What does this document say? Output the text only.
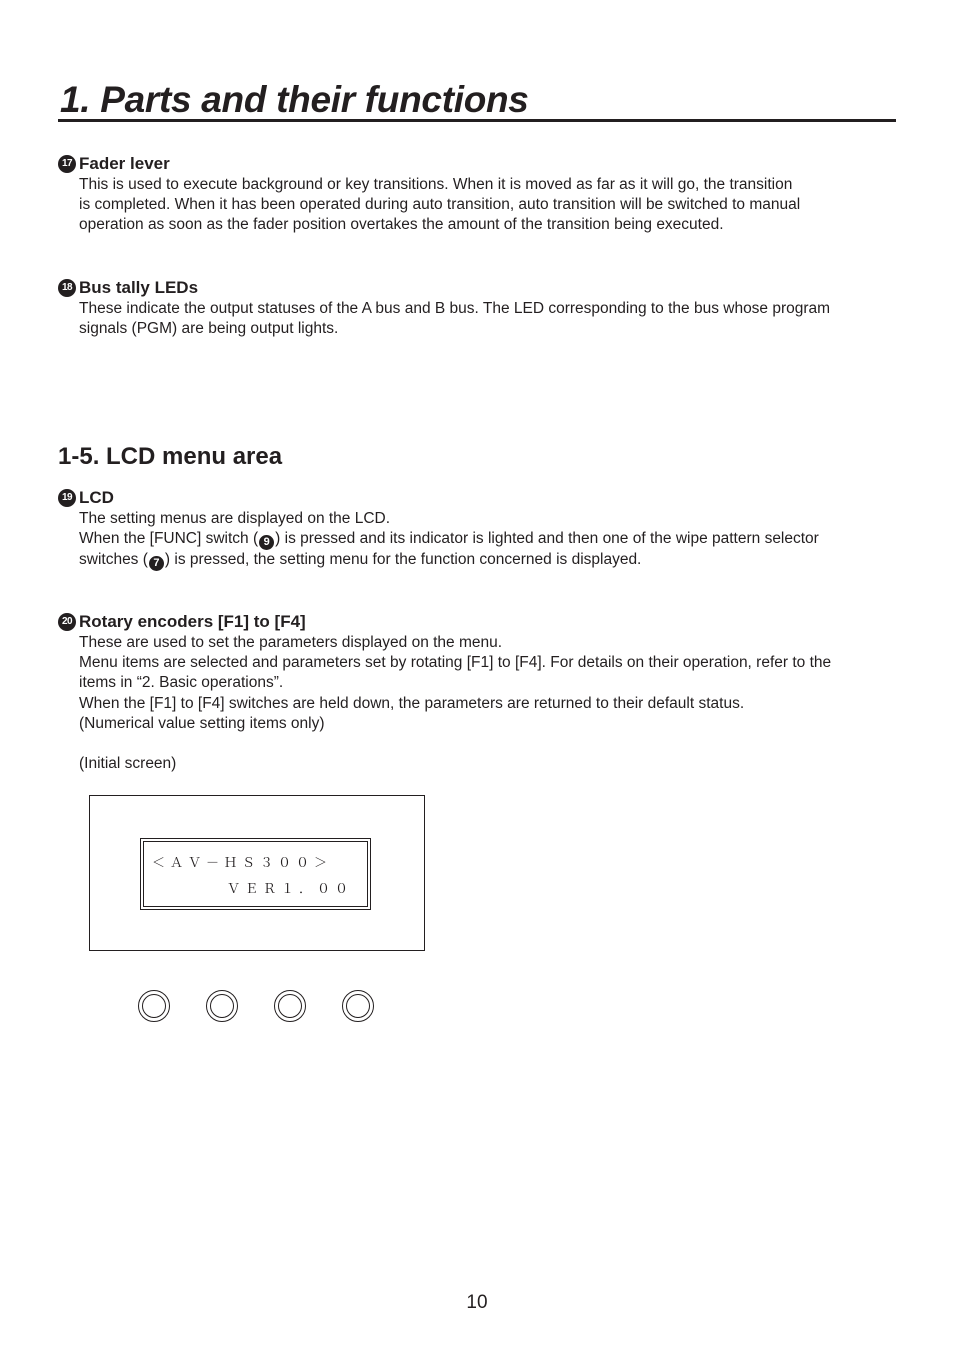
1. Parts and their functions
17 Fader lever

This is used to execute background or key transitions. When it is moved as far as it will go, the transition

is completed. When it has been operated during auto transition, auto transition will be switched to manual

operation as soon as the fader position overtakes the amount of the transition being executed.

18 Bus tally LEDs

These indicate the output statuses of the A bus and B bus. The LED corresponding to the bus whose program

signals (PGM) are being output lights.

1-5. LCD menu area
19 LCD

The setting menus are displayed on the LCD.

When the [FUNC] switch ( 9 ) is pressed and its indicator is lighted and then one of the wipe pattern selector

switches ( 7 ) is pressed, the setting menu for the function concerned is displayed.

20 Rotary encoders [F1] to [F4]

These are used to set the parameters displayed on the menu.

Menu items are selected and parameters set by rotating [F1] to [F4]. For details on their operation, refer to the

items in “2. Basic operations”.

When the [F1] to [F4] switches are held down, the parameters are returned to their default status.

(Numerical value setting items only)

(Initial screen)

＜ＡＶ－ＨＳ３００＞
ＶＥＲ１．００
10
